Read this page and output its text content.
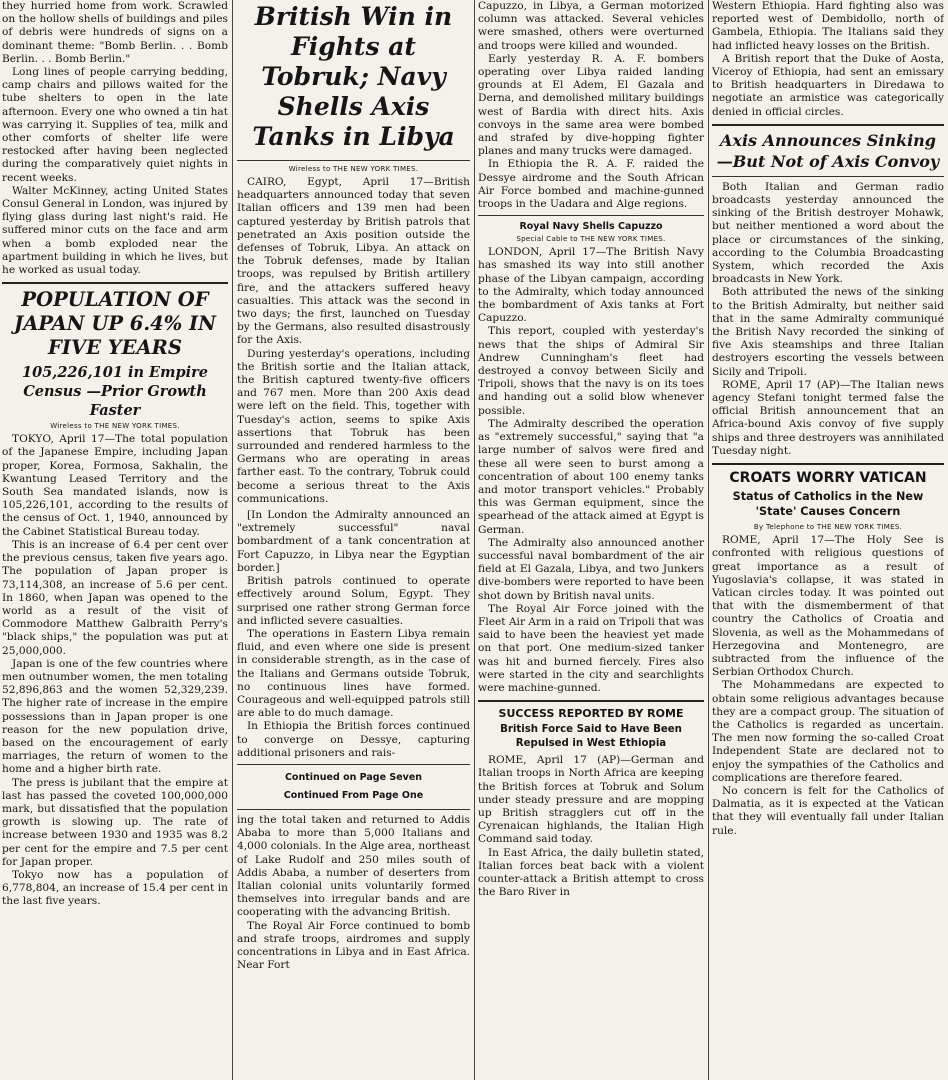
they hurried home from work. Scrawled on the hollow shells of buildings and piles of debris were hundreds of signs on a dominant theme: "Bomb Berlin. . . Bomb Berlin. . . Bomb Berlin."

Long lines of people carrying bedding, camp chairs and pillows waited for the tube shelters to open in the late afternoon. Every one who owned a tin hat was carrying it. Supplies of tea, milk and other comforts of shelter life were restocked after having been neglected during the comparatively quiet nights in recent weeks.

Walter McKinney, acting United States Consul General in London, was injured by flying glass during last night's raid. He suffered minor cuts on the face and arm when a bomb exploded near the apartment building in which he lives, but he worked as usual today.

POPULATION OF JAPAN UP 6.4% IN FIVE YEARS
105,226,101 in Empire Census —Prior Growth Faster
Wireless to THE NEW YORK TIMES.

TOKYO, April 17—The total population of the Japanese Empire, including Japan proper, Korea, Formosa, Sakhalin, the Kwantung Leased Territory and the South Sea mandated islands, now is 105,226,101, according to the results of the census of Oct. 1, 1940, announced by the Cabinet Statistical Bureau today.

This is an increase of 6.4 per cent over the previous census, taken five years ago. The population of Japan proper is 73,114,308, an increase of 5.6 per cent. In 1860, when Japan was opened to the world as a result of the visit of Commodore Matthew Galbraith Perry's "black ships," the population was put at 25,000,000.

Japan is one of the few countries where men outnumber women, the men totaling 52,896,863 and the women 52,329,239. The higher rate of increase in the empire possessions than in Japan proper is one reason for the new population drive, based on the encouragement of early marriages, the return of women to the home and a higher birth rate.

The press is jubilant that the empire at last has passed the coveted 100,000,000 mark, but dissatisfied that the population growth is slowing up. The rate of increase between 1930 and 1935 was 8.2 per cent for the empire and 7.5 per cent for Japan proper.

Tokyo now has a population of 6,778,804, an increase of 15.4 per cent in the last five years.

British Win in Fights at Tobruk; Navy Shells Axis Tanks in Libya
Wireless to THE NEW YORK TIMES.

CAIRO, Egypt, April 17—British headquarters announced today that seven Italian officers and 139 men had been captured yesterday by British patrols that penetrated an Axis position outside the defenses of Tobruk, Libya. An attack on the Tobruk defenses, made by Italian troops, was repulsed by British artillery fire, and the attackers suffered heavy casualties. This attack was the second in two days; the first, launched on Tuesday by the Germans, also resulted disastrously for the Axis.

During yesterday's operations, including the British sortie and the Italian attack, the British captured twenty-five officers and 767 men. More than 200 Axis dead were left on the field. This, together with Tuesday's action, seems to spike Axis assertions that Tobruk has been surrounded and rendered harmless to the Germans who are operating in areas farther east. To the contrary, Tobruk could become a serious threat to the Axis communications.

[In London the Admiralty announced an "extremely successful" naval bombardment of a tank concentration at Fort Capuzzo, in Libya near the Egyptian border.]

British patrols continued to operate effectively around Solum, Egypt. They surprised one rather strong German force and inflicted severe casualties.

The operations in Eastern Libya remain fluid, and even where one side is present in considerable strength, as in the case of the Italians and Germans outside Tobruk, no continuous lines have formed. Courageous and well-equipped patrols still are able to do much damage.

In Ethiopia the British forces continued to converge on Dessye, capturing additional prisoners and rais-

Continued on Page Seven
Continued From Page One

ing the total taken and returned to Addis Ababa to more than 5,000 Italians and 4,000 colonials. In the Alge area, northeast of Lake Rudolf and 250 miles south of Addis Ababa, a number of deserters from Italian colonial units voluntarily formed themselves into irregular bands and are cooperating with the advancing British.

The Royal Air Force continued to bomb and strafe troops, airdromes and supply concentrations in Libya and in East Africa. Near Fort

Capuzzo, in Libya, a German motorized column was attacked. Several vehicles were smashed, others were overturned and troops were killed and wounded.

Early yesterday R. A. F. bombers operating over Libya raided landing grounds at El Adem, El Gazala and Derna, and demolished military buildings west of Bardia with direct hits. Axis convoys in the same area were bombed and strafed by dive-hopping fighter planes and many trucks were damaged.

In Ethiopia the R. A. F. raided the Dessye airdrome and the South African Air Force bombed and machine-gunned troops in the Uadara and Alge regions.

Royal Navy Shells Capuzzo
Special Cable to THE NEW YORK TIMES.

LONDON, April 17—The British Navy has smashed its way into still another phase of the Libyan campaign, according to the Admiralty, which today announced the bombardment of Axis tanks at Fort Capuzzo.

This report, coupled with yesterday's news that the ships of Admiral Sir Andrew Cunningham's fleet had destroyed a convoy between Sicily and Tripoli, shows that the navy is on its toes and handing out a solid blow whenever possible.

The Admiralty described the operation as "extremely successful," saying that "a large number of salvos were fired and these all were seen to burst among a concentration of about 100 enemy tanks and motor transport vehicles." Probably this was German equipment, since the spearhead of the attack aimed at Egypt is German.

The Admiralty also announced another successful naval bombardment of the air field at El Gazala, Libya, and two Junkers dive-bombers were reported to have been shot down by British naval units.

The Royal Air Force joined with the Fleet Air Arm in a raid on Tripoli that was said to have been the heaviest yet made on that port. One medium-sized tanker was hit and burned fiercely. Fires also were started in the city and searchlights were machine-gunned.

SUCCESS REPORTED BY ROME
British Force Said to Have Been Repulsed in West Ethiopia

ROME, April 17 (AP)—German and Italian troops in North Africa are keeping the British forces at Tobruk and Solum under steady pressure and are mopping up British stragglers cut off in the Cyrenaican highlands, the Italian High Command said today.

In East Africa, the daily bulletin stated, Italian forces beat back with a violent counter-attack a British attempt to cross the Baro River in

Western Ethiopia. Hard fighting also was reported west of Dembidollo, north of Gambela, Ethiopia. The Italians said they had inflicted heavy losses on the British.

A British report that the Duke of Aosta, Viceroy of Ethiopia, had sent an emissary to British headquarters in Diredawa to negotiate an armistice was categorically denied in official circles.

Axis Announces Sinking —But Not of Axis Convoy

Both Italian and German radio broadcasts yesterday announced the sinking of the British destroyer Mohawk, but neither mentioned a word about the place or circumstances of the sinking, according to the Columbia Broadcasting System, which recorded the Axis broadcasts in New York.

Both attributed the news of the sinking to the British Admiralty, but neither said that in the same Admiralty communiqué the British Navy recorded the sinking of five Axis steamships and three Italian destroyers escorting the vessels between Sicily and Tripoli.

ROME, April 17 (AP)—The Italian news agency Stefani tonight termed false the official British announcement that an Africa-bound Axis convoy of five supply ships and three destroyers was annihilated Tuesday night.

CROATS WORRY VATICAN
Status of Catholics in the New 'State' Causes Concern
By Telephone to THE NEW YORK TIMES.

ROME, April 17—The Holy See is confronted with religious questions of great importance as a result of Yugoslavia's collapse, it was stated in Vatican circles today. It was pointed out that with the dismemberment of that country the Catholics of Croatia and Slovenia, as well as the Mohammedans of Herzegovina and Montenegro, are subtracted from the influence of the Serbian Orthodox Church.

The Mohammedans are expected to obtain some religious advantages because they are a compact group. The situation of the Catholics is regarded as uncertain. The men now forming the so-called Croat Independent State are declared not to enjoy the sympathies of the Catholics and complications are therefore feared.

No concern is felt for the Catholics of Dalmatia, as it is expected at the Vatican that they will eventually fall under Italian rule.
